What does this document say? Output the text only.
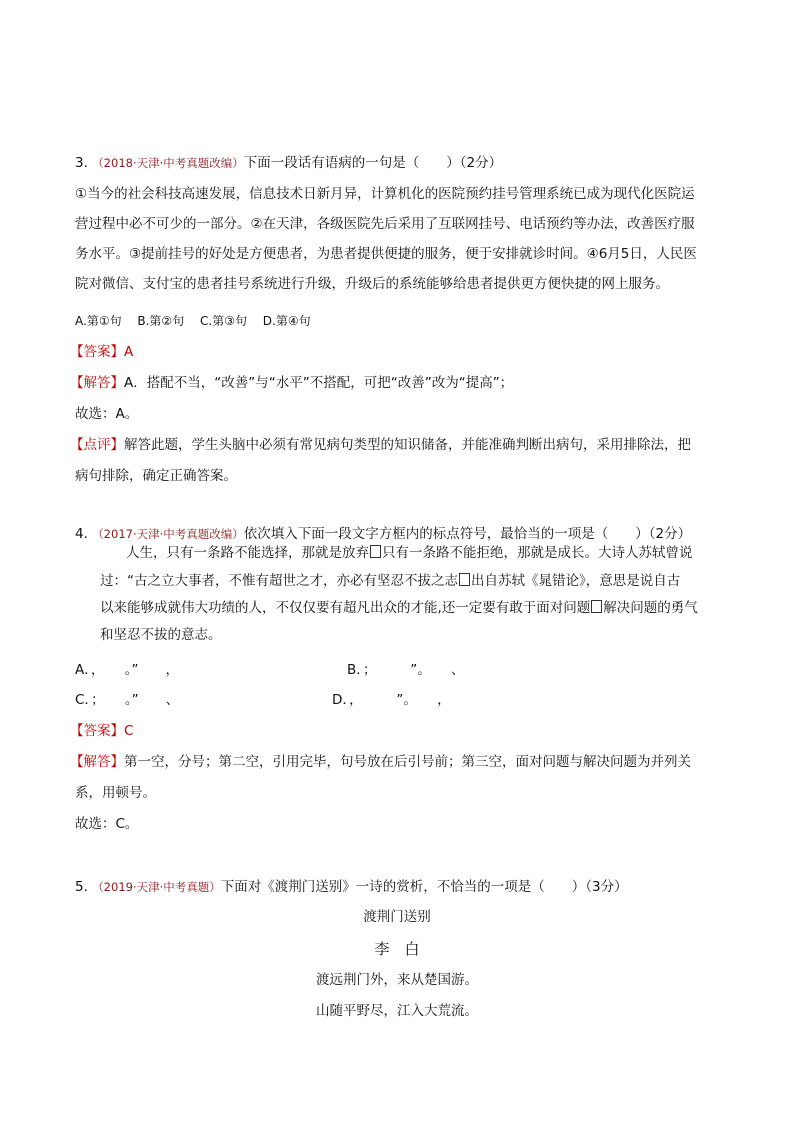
3. （2018·天津·中考真题改编）下面一段话有语病的一句是（　　）（2分）
①当今的社会科技高速发展，信息技术日新月异，计算机化的医院预约挂号管理系统已成为现代化医院运
营过程中必不可少的一部分。②在天津，各级医院先后采用了互联网挂号、电话预约等办法，改善医疗服
务水平。③提前挂号的好处是方便患者，为患者提供便捷的服务，便于安排就诊时间。④6月5日，人民医
院对微信、支付宝的患者挂号系统进行升级，升级后的系统能够给患者提供更方便快捷的网上服务。
A.第①句　 B.第②句　 C.第③句　 D.第④句
【答案】A
【解答】A．搭配不当，“改善”与“水平”不搭配，可把“改善”改为“提高”；
故选：A。
【点评】解答此题，学生头脑中必须有常见病句类型的知识储备，并能准确判断出病句，采用排除法，把
病句排除，确定正确答案。
4. （2017·天津·中考真题改编）依次填入下面一段文字方框内的标点符号，最恰当的一项是（　　）（2分）
人生，只有一条路不能选择，那就是放弃 只有一条路不能拒绝，那就是成长。大诗人苏轼曾说
过：“古之立大事者，不惟有超世之才，亦必有坚忍不拔之志 出自苏轼《晁错论》，意思是说自古
以来能够成就伟大功绩的人，不仅仅要有超凡出众的才能,还一定要有敢于面对问题 解决问题的勇气
和坚忍不拔的意志。
A．，　　。”　　，	B．；　　　”。　　、
C．；　　。”　　、	D．，　　　”。　　，
【答案】C
【解答】第一空，分号；第二空，引用完毕，句号放在后引号前；第三空，面对问题与解决问题为并列关
系，用顿号。
故选：C。
5. （2019·天津·中考真题）下面对《渡荆门送别》一诗的赏析，不恰当的一项是（　　）（3分）
渡荆门送别
李　白
渡远荆门外，来从楚国游。
山随平野尽，江入大荒流。
